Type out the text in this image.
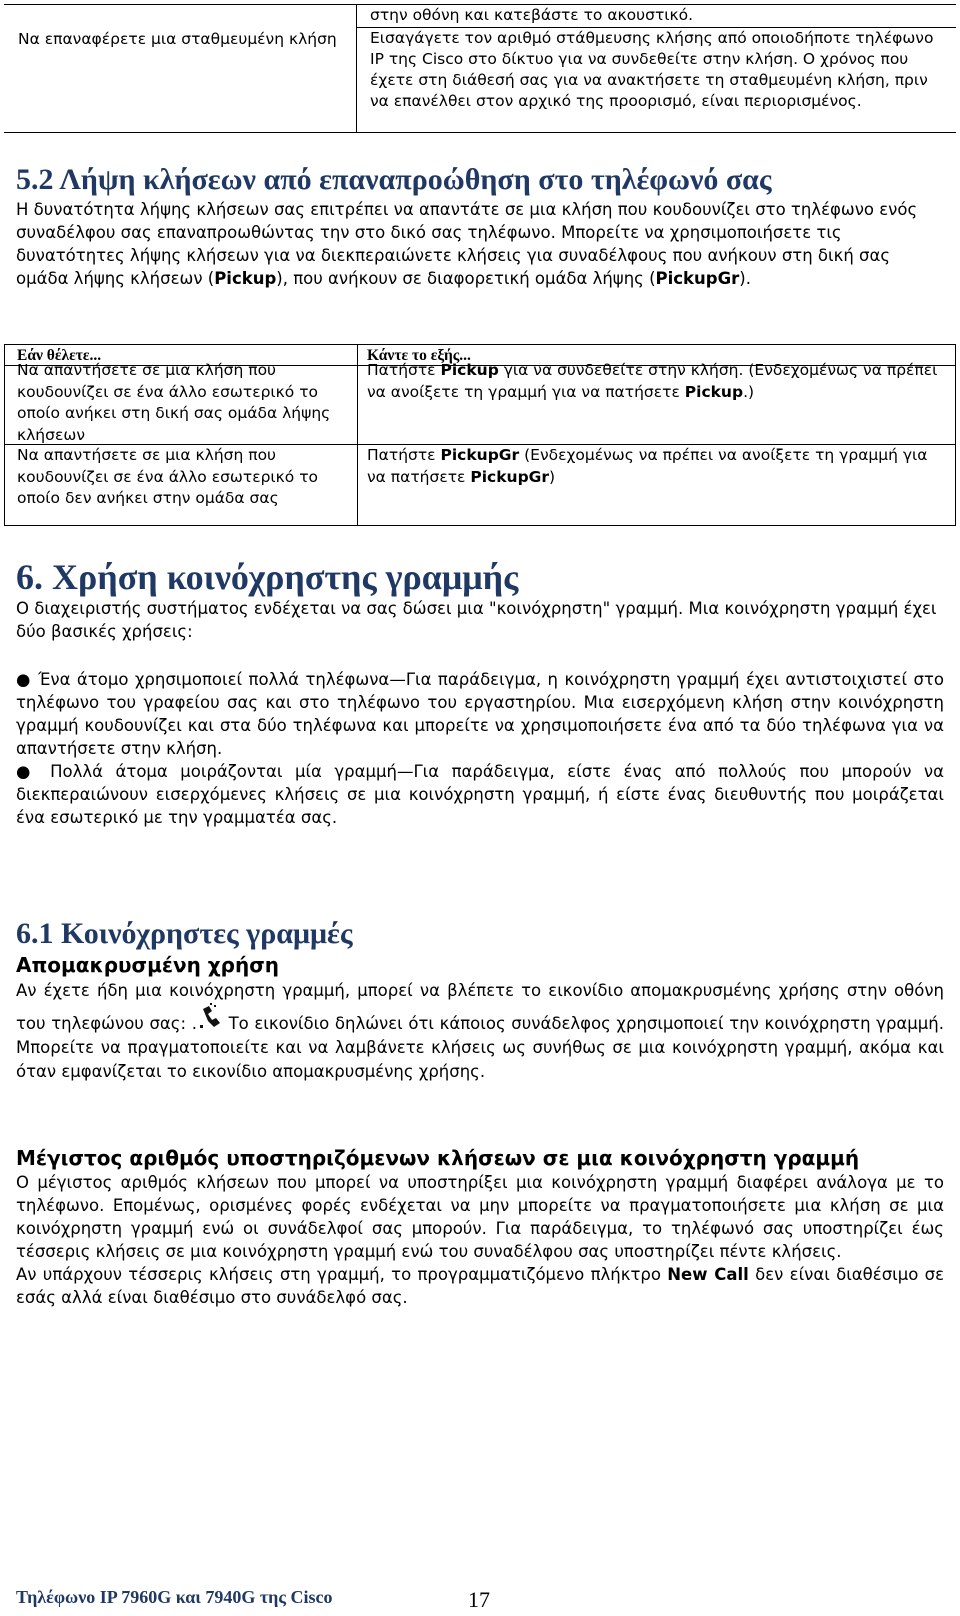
στην οθόνη και κατεβάστε το ακουστικό.
Να επαναφέρετε μια σταθμευμένη κλήση Εισαγάγετε τον αριθμό στάθμευσης κλήσης από οποιοδήποτε τηλέφωνο IP της Cisco στο δίκτυο για να συνδεθείτε στην κλήση. Ο χρόνος που έχετε στη διάθεσή σας για να ανακτήσετε τη σταθμευμένη κλήση, πριν να επανέλθει στον αρχικό της προορισμό, είναι περιορισμένος.
5.2 Λήψη κλήσεων από επαναπροώθηση στο τηλέφωνό σας
Η δυνατότητα λήψης κλήσεων σας επιτρέπει να απαντάτε σε μια κλήση που κουδουνίζει στο τηλέφωνο ενός συναδέλφου σας επαναπροωθώντας την στο δικό σας τηλέφωνο. Μπορείτε να χρησιμοποιήσετε τις δυνατότητες λήψης κλήσεων για να διεκπεραιώνετε κλήσεις για συναδέλφους που ανήκουν στη δική σας ομάδα λήψης κλήσεων (Pickup), που ανήκουν σε διαφορετική ομάδα λήψης (PickupGr).
Εάν θέλετε...	Κάντε το εξής...
Να απαντήσετε σε μια κλήση που κουδουνίζει σε ένα άλλο εσωτερικό το οποίο ανήκει στη δική σας ομάδα λήψης κλήσεων
Πατήστε Pickup για να συνδεθείτε στην κλήση. (Ενδεχομένως να πρέπει να ανοίξετε τη γραμμή για να πατήσετε Pickup.)
Να απαντήσετε σε μια κλήση που κουδουνίζει σε ένα άλλο εσωτερικό το οποίο δεν ανήκει στην ομάδα σας
Πατήστε PickupGr (Ενδεχομένως να πρέπει να ανοίξετε τη γραμμή για να πατήσετε PickupGr)
6. Χρήση κοινόχρηστης γραμμής
Ο διαχειριστής συστήματος ενδέχεται να σας δώσει μια "κοινόχρηστη" γραμμή. Μια κοινόχρηστη γραμμή έχει δύο βασικές χρήσεις:

● Ένα άτομο χρησιμοποιεί πολλά τηλέφωνα—Για παράδειγμα, η κοινόχρηστη γραμμή έχει αντιστοιχιστεί στο τηλέφωνο του γραφείου σας και στο τηλέφωνο του εργαστηρίου. Μια εισερχόμενη κλήση στην κοινόχρηστη γραμμή κουδουνίζει και στα δύο τηλέφωνα και μπορείτε να χρησιμοποιήσετε ένα από τα δύο τηλέφωνα για να απαντήσετε στην κλήση.

● Πολλά άτομα μοιράζονται μία γραμμή—Για παράδειγμα, είστε ένας από πολλούς που μπορούν να διεκπεραιώνουν εισερχόμενες κλήσεις σε μια κοινόχρηστη γραμμή, ή είστε ένας διευθυντής που μοιράζεται ένα εσωτερικό με την γραμματέα σας.

6.1 Κοινόχρηστες γραμμές
Απομακρυσμένη χρήση
Αν έχετε ήδη μια κοινόχρηστη γραμμή, μπορεί να βλέπετε το εικονίδιο απομακρυσμένης χρήσης στην οθόνη του τηλεφώνου σας: . Το εικονίδιο δηλώνει ότι κάποιος συνάδελφος χρησιμοποιεί την κοινόχρηστη γραμμή. Μπορείτε να πραγματοποιείτε και να λαμβάνετε κλήσεις ως συνήθως σε μια κοινόχρηστη γραμμή, ακόμα και όταν εμφανίζεται το εικονίδιο απομακρυσμένης χρήσης.
Μέγιστος αριθμός υποστηριζόμενων κλήσεων σε μια κοινόχρηστη γραμμή
Ο μέγιστος αριθμός κλήσεων που μπορεί να υποστηρίξει μια κοινόχρηστη γραμμή διαφέρει ανάλογα με το τηλέφωνο. Επομένως, ορισμένες φορές ενδέχεται να μην μπορείτε να πραγματοποιήσετε μια κλήση σε μια κοινόχρηστη γραμμή ενώ οι συνάδελφοί σας μπορούν. Για παράδειγμα, το τηλέφωνό σας υποστηρίζει έως τέσσερις κλήσεις σε μια κοινόχρηστη γραμμή ενώ του συναδέλφου σας υποστηρίζει πέντε κλήσεις.
Αν υπάρχουν τέσσερις κλήσεις στη γραμμή, το προγραμματιζόμενο πλήκτρο New Call δεν είναι διαθέσιμο σε εσάς αλλά είναι διαθέσιμο στο συνάδελφό σας.
Τηλέφωνο IP 7960G και 7940G της Cisco	17
